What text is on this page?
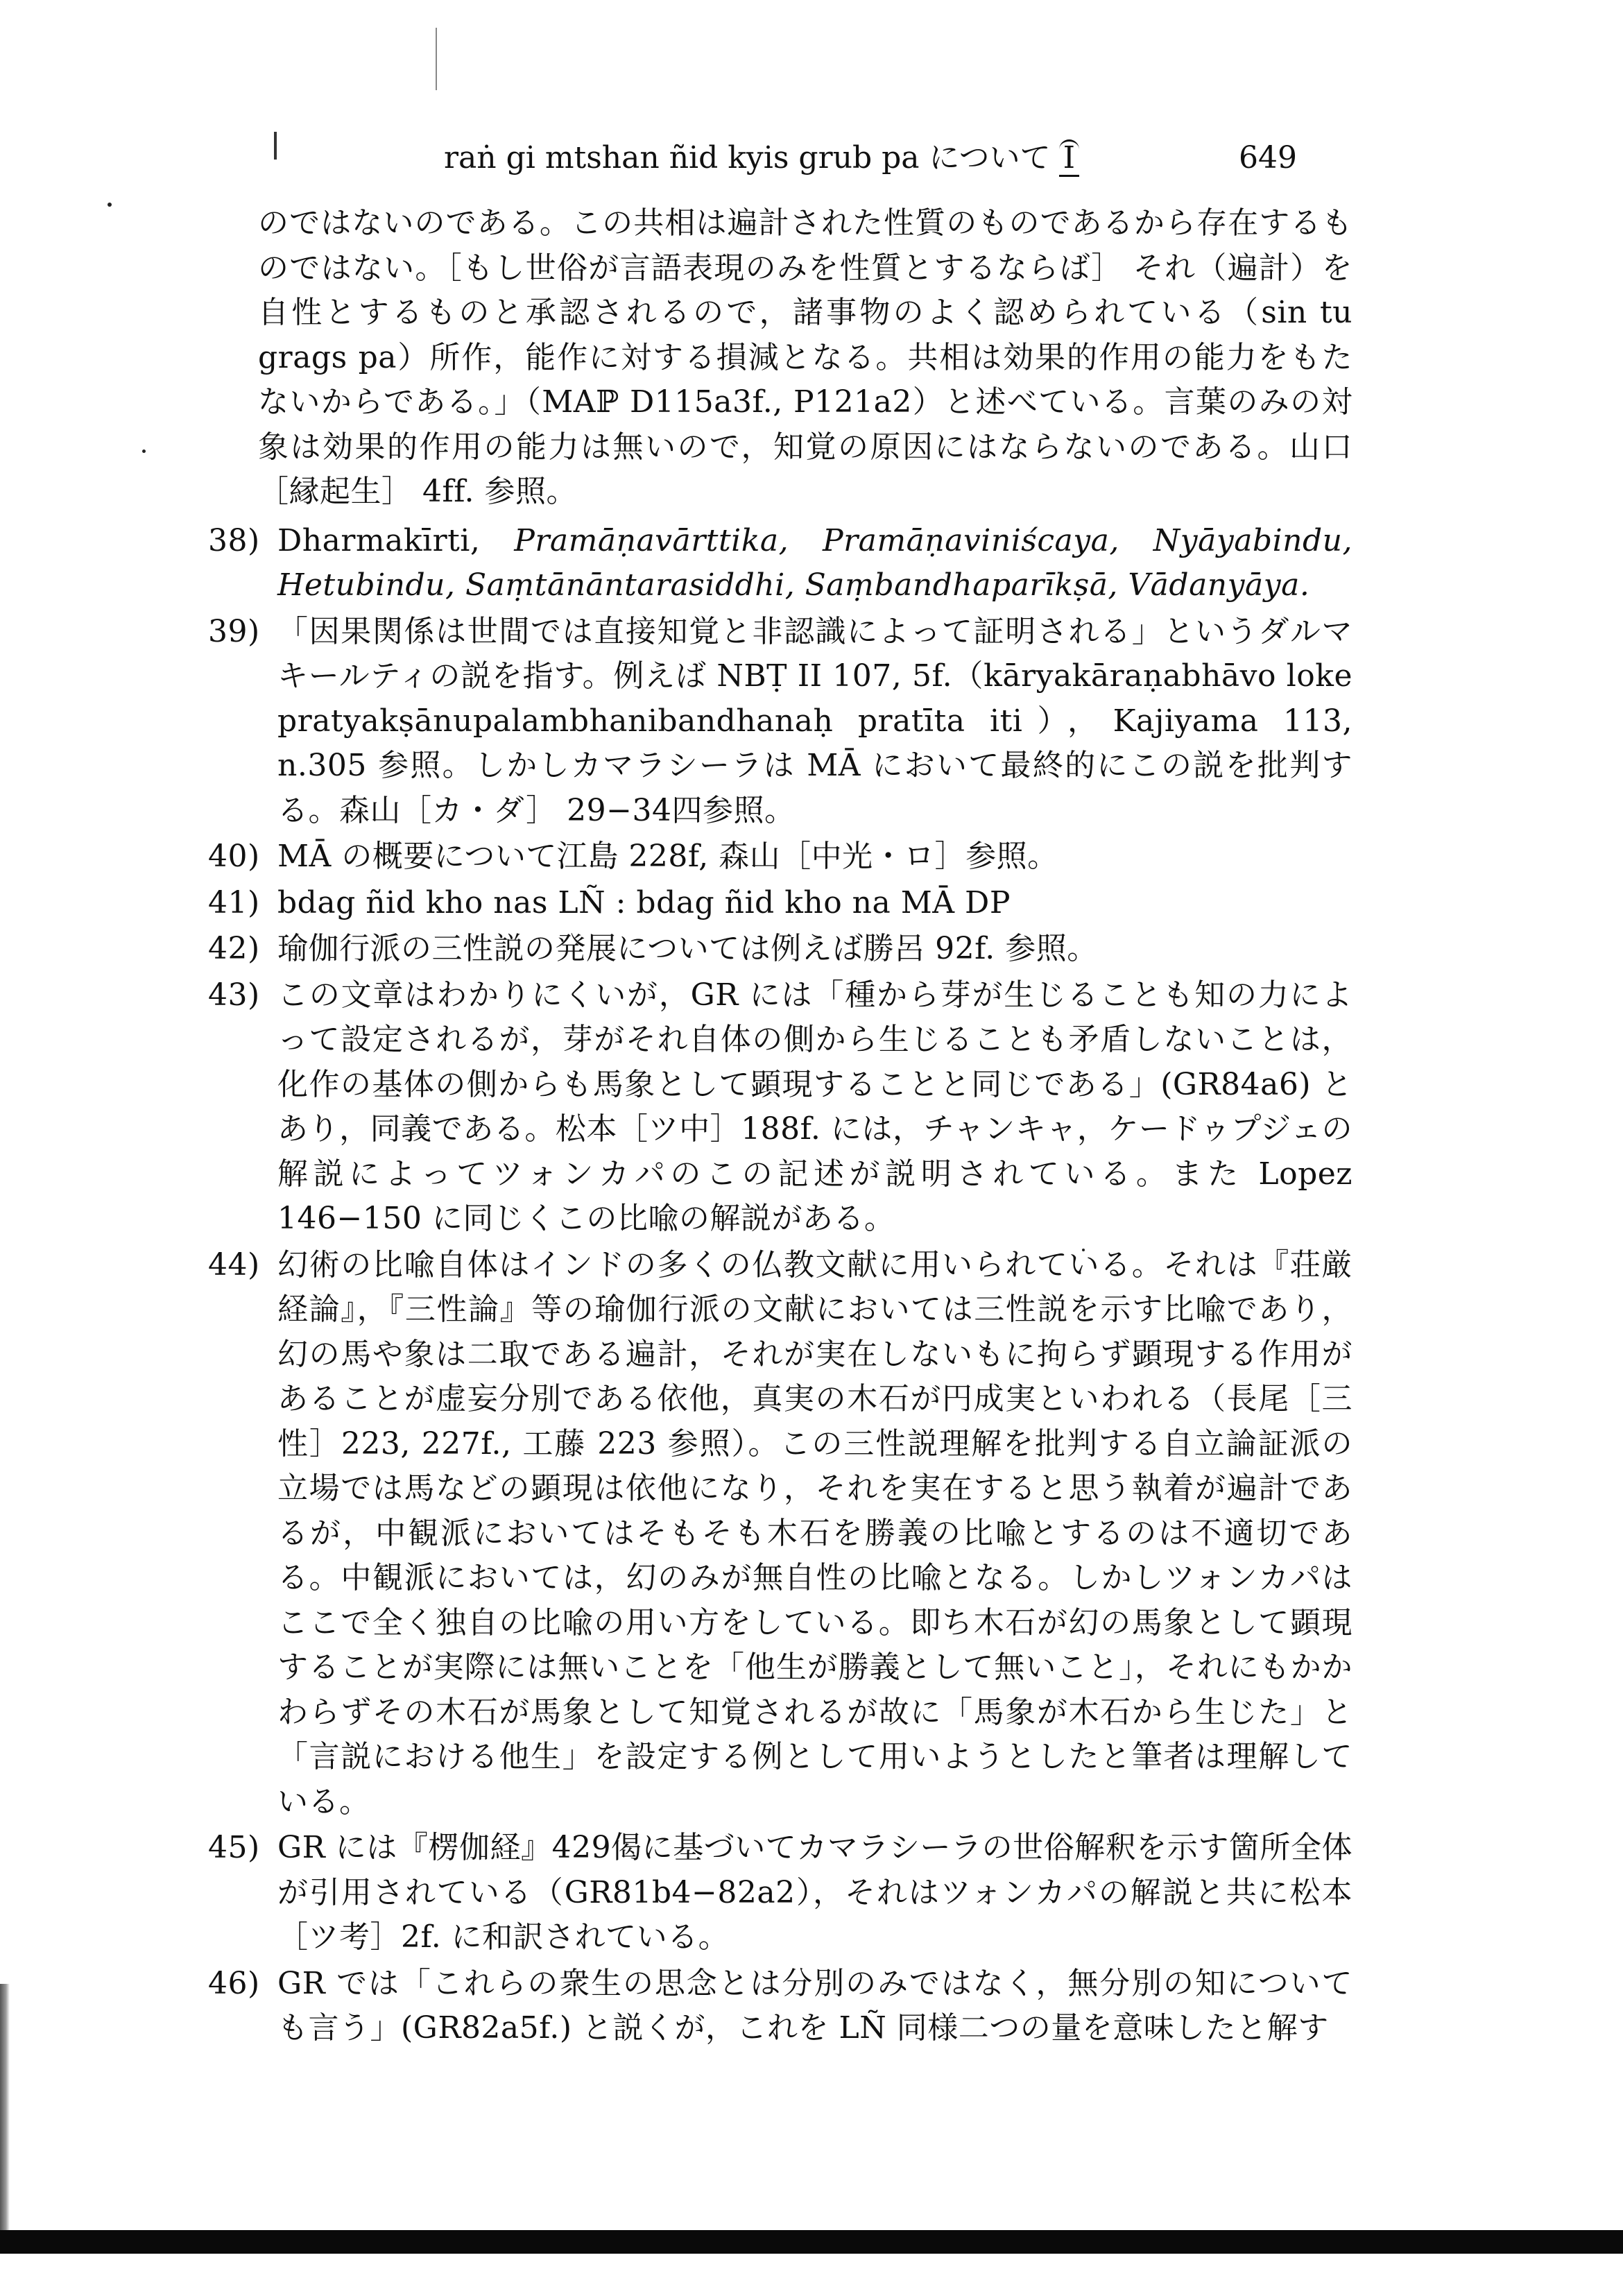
raṅ gi mtshan ñid kyis grub pa について I	649
のではないのである。この共相は遍計された性質のものであるから存在するものではない。［もし世俗が言語表現のみを性質とするならば］ それ（遍計）を自性とするものと承認されるので，諸事物のよく認められている（sin tu grags pa）所作，能作に対する損減となる。共相は効果的作用の能力をもたないからである。」（MAℙ D115a3f., P121a2）と述べている。言葉のみの対象は効果的作用の能力は無いので，知覚の原因にはならないのである。山口［縁起生］ 4ff. 参照。
38) Dharmakīrti, Pramāṇavārttika, Pramāṇaviniścaya, Nyāyabindu, Hetubindu, Saṃtānāntarasiddhi, Saṃbandhaparīkṣā, Vādanyāya.
39) 「因果関係は世間では直接知覚と非認識によって証明される」というダルマキールティの説を指す。例えば NBṬ II 107, 5f.（kāryakāraṇabhāvo loke pratyakṣānupalambhanibandhanaḥ pratīta iti），Kajiyama 113, n.305 参照。しかしカマラシーラは MĀ において最終的にこの説を批判する。森山［カ・ダ］ 29−34四参照。
40) MĀ の概要について江島 228f, 森山［中光・ロ］参照。
41) bdag ñid kho nas LÑ : bdag ñid kho na MĀ DP
42) 瑜伽行派の三性説の発展については例えば勝呂 92f. 参照。
43) この文章はわかりにくいが，GR には「種から芽が生じることも知の力によって設定されるが，芽がそれ自体の側から生じることも矛盾しないことは，化作の基体の側からも馬象として顕現することと同じである」(GR84a6) とあり，同義である。松本［ツ中］188f. には，チャンキャ，ケードゥプジェの解説によってツォンカパのこの記述が説明されている。また Lopez 146−150 に同じくこの比喩の解説がある。
44) 幻術の比喩自体はインドの多くの仏教文献に用いられている。それは『荘厳経論』，『三性論』等の瑜伽行派の文献においては三性説を示す比喩であり，幻の馬や象は二取である遍計，それが実在しないもに拘らず顕現する作用があることが虚妄分別である依他，真実の木石が円成実といわれる（長尾［三性］223, 227f., 工藤 223 参照）。この三性説理解を批判する自立論証派の立場では馬などの顕現は依他になり，それを実在すると思う執着が遍計であるが，中観派においてはそもそも木石を勝義の比喩とするのは不適切である。中観派においては，幻のみが無自性の比喩となる。しかしツォンカパはここで全く独自の比喩の用い方をしている。即ち木石が幻の馬象として顕現することが実際には無いことを「他生が勝義として無いこと」，それにもかかわらずその木石が馬象として知覚されるが故に「馬象が木石から生じた」と「言説における他生」を設定する例として用いようとしたと筆者は理解している。
45) GR には『楞伽経』429偈に基づいてカマラシーラの世俗解釈を示す箇所全体が引用されている（GR81b4−82a2），それはツォンカパの解説と共に松本［ツ考］2f. に和訳されている。
46) GR では「これらの衆生の思念とは分別のみではなく，無分別の知についても言う」(GR82a5f.) と説くが，これを LÑ 同様二つの量を意味したと解す
